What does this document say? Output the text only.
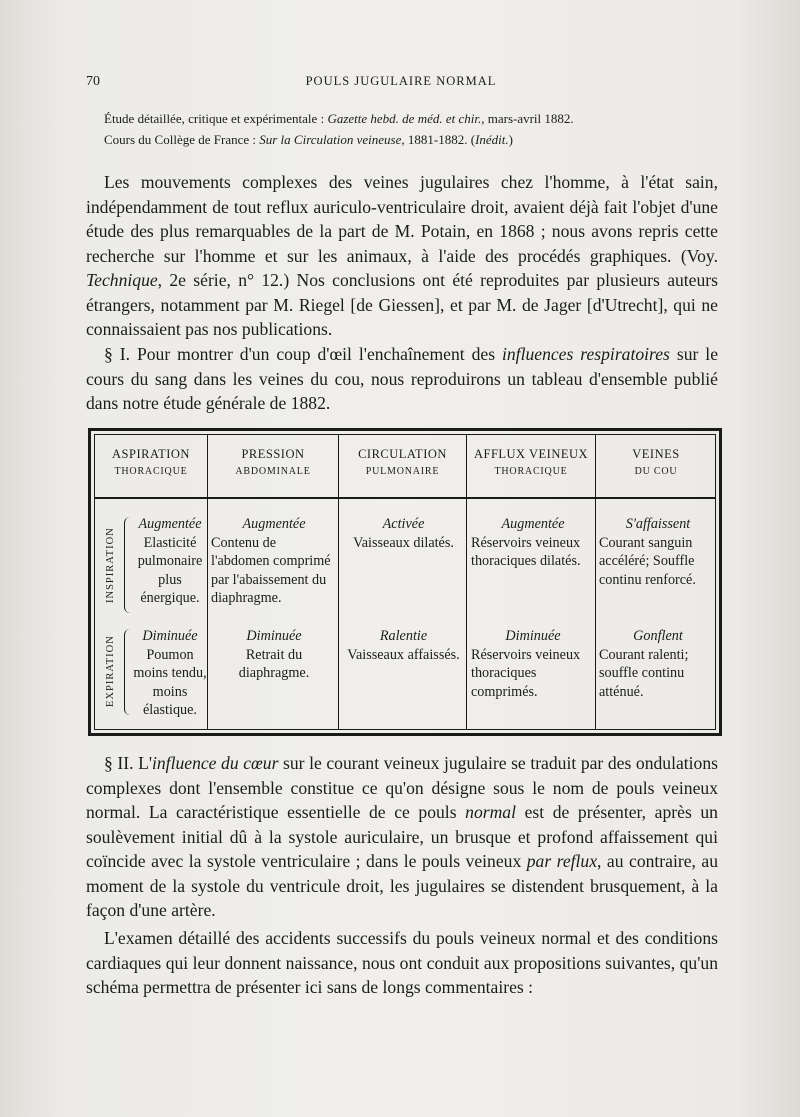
70	POULS JUGULAIRE NORMAL
Étude détaillée, critique et expérimentale : Gazette hebd. de méd. et chir., mars-avril 1882.
Cours du Collège de France : Sur la Circulation veineuse, 1881-1882. (Inédit.)

Les mouvements complexes des veines jugulaires chez l'homme, à l'état sain, indépendamment de tout reflux auriculo-ventriculaire droit, avaient déjà fait l'objet d'une étude des plus remarquables de la part de M. Potain, en 1868 ; nous avons repris cette recherche sur l'homme et sur les animaux, à l'aide des procédés graphiques. (Voy. Technique, 2e série, n° 12.) Nos conclusions ont été reproduites par plusieurs auteurs étrangers, notamment par M. Riegel [de Giessen], et par M. de Jager [d'Utrecht], qui ne connaissaient pas nos publications.

§ I. Pour montrer d'un coup d'œil l'enchaînement des influences respiratoires sur le cours du sang dans les veines du cou, nous reproduirons un tableau d'ensemble publié dans notre étude générale de 1882.

ASPIRATION
THORACIQUE
PRESSION
ABDOMINALE
CIRCULATION
PULMONAIRE
AFFLUX VEINEUX
THORACIQUE
VEINES
DU COU
INSPIRATION
Augmentée
Elasticité pulmonaire plus énergique.
Augmentée
Contenu de l'abdomen comprimé par l'abaissement du diaphragme.
Activée
Vaisseaux dilatés.
Augmentée
Réservoirs veineux thoraciques dilatés.
S'affaissent
Courant sanguin accéléré; Souffle continu renforcé.
EXPIRATION	Diminuée
Poumon moins tendu, moins élastique.
Diminuée
Retrait du diaphragme.
Ralentie
Vaisseaux affaissés.
Diminuée
Réservoirs veineux thoraciques comprimés.
Gonflent
Courant ralenti; souffle continu atténué.

§ II. L'influence du cœur sur le courant veineux jugulaire se traduit par des ondulations complexes dont l'ensemble constitue ce qu'on désigne sous le nom de pouls veineux normal. La caractéristique essentielle de ce pouls normal est de présenter, après un soulèvement initial dû à la systole auriculaire, un brusque et profond affaissement qui coïncide avec la systole ventriculaire ; dans le pouls veineux par reflux, au contraire, au moment de la systole du ventricule droit, les jugulaires se distendent brusquement, à la façon d'une artère.

L'examen détaillé des accidents successifs du pouls veineux normal et des conditions cardiaques qui leur donnent naissance, nous ont conduit aux propositions suivantes, qu'un schéma permettra de présenter ici sans de longs commentaires :
